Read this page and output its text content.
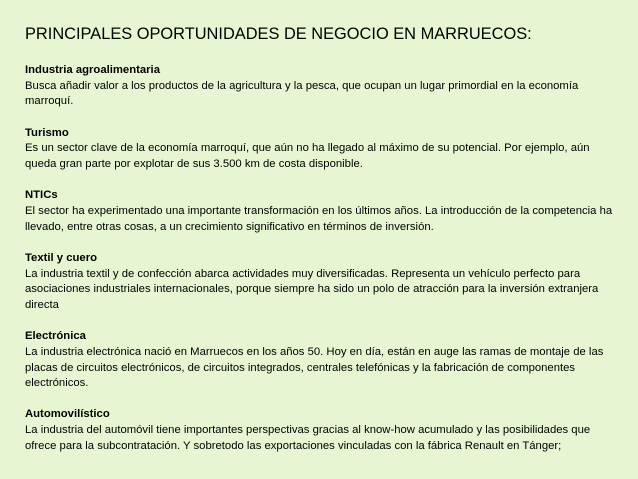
PRINCIPALES OPORTUNIDADES DE NEGOCIO EN MARRUECOS:
Industria agroalimentaria
Busca añadir valor a los productos de la agricultura y la pesca, que ocupan un lugar primordial en la economía marroquí.
Turismo
Es un sector clave de la economía marroquí, que aún no ha llegado al máximo de su potencial. Por ejemplo, aún queda gran parte por explotar de sus 3.500 km de costa disponible.
NTICs
El sector ha experimentado una importante transformación en los últimos años. La introducción de la competencia ha llevado, entre otras cosas, a un crecimiento significativo en términos de inversión.
Textil y cuero
La industria textil y de confección abarca actividades muy diversificadas. Representa un vehículo perfecto para asociaciones industriales internacionales, porque siempre ha sido un polo de atracción para la inversión extranjera directa
Electrónica
La industria electrónica nació en Marruecos en los años 50. Hoy en día, están en auge las ramas de montaje de las placas de circuitos electrónicos, de circuitos integrados, centrales telefónicas y la fabricación de componentes electrónicos.
Automovilístico
La industria del automóvil tiene importantes perspectivas gracias al know-how acumulado y las posibilidades que ofrece para la subcontratación. Y sobretodo las exportaciones vinculadas con la fábrica Renault en Tánger;
